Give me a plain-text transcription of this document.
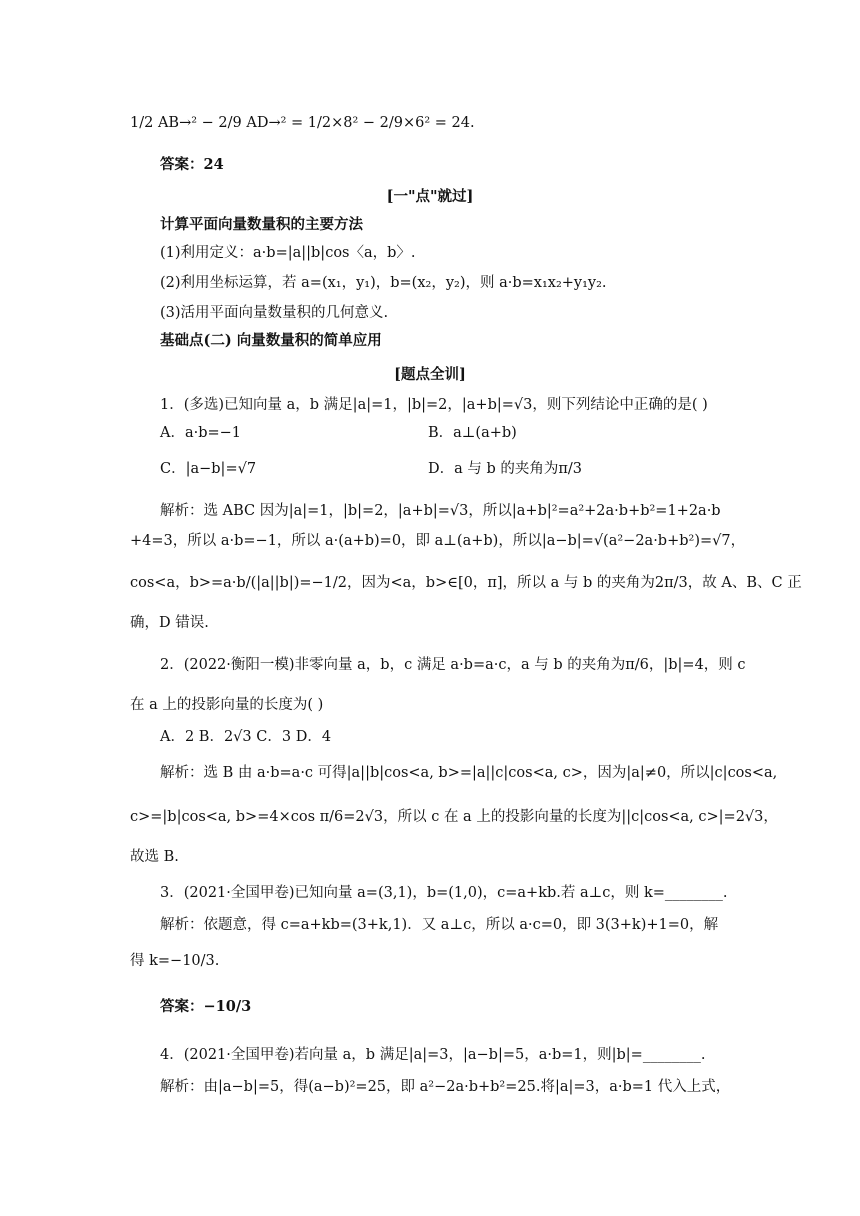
1/2 AB→² − 2/9 AD→² = 1/2×8² − 2/9×6² = 24.
答案：24
[一"点"就过]
计算平面向量数量积的主要方法
(1)利用定义：a·b=|a||b|cos〈a，b〉.
(2)利用坐标运算，若 a=(x₁，y₁)，b=(x₂，y₂)，则 a·b=x₁x₂+y₁y₂.
(3)活用平面向量数量积的几何意义.
基础点(二) 向量数量积的简单应用
[题点全训]
1．(多选)已知向量 a，b 满足|a|=1，|b|=2，|a+b|=√3，则下列结论中正确的是( )
A．a·b=−1	B．a⊥(a+b)
C．|a−b|=√7	D．a 与 b 的夹角为π/3
解析：选 ABC 因为|a|=1，|b|=2，|a+b|=√3，所以|a+b|²=a²+2a·b+b²=1+2a·b
+4=3，所以 a·b=−1，所以 a·(a+b)=0，即 a⊥(a+b)，所以|a−b|=√(a²−2a·b+b²)=√7，
cos<a，b>=a·b/(|a||b|)=−1/2，因为<a，b>∈[0，π]，所以 a 与 b 的夹角为2π/3，故 A、B、C 正
确，D 错误.
2．(2022·衡阳一模)非零向量 a，b，c 满足 a·b=a·c，a 与 b 的夹角为π/6，|b|=4，则 c
在 a 上的投影向量的长度为( )
A．2 B．2√3 C．3 D．4
解析：选 B 由 a·b=a·c 可得|a||b|cos<a, b>=|a||c|cos<a, c>，因为|a|≠0，所以|c|cos<a,
c>=|b|cos<a, b>=4×cos π/6=2√3，所以 c 在 a 上的投影向量的长度为||c|cos<a, c>|=2√3，
故选 B.
3．(2021·全国甲卷)已知向量 a=(3,1)，b=(1,0)，c=a+kb.若 a⊥c，则 k=________.
解析：依题意，得 c=a+kb=(3+k,1)．又 a⊥c，所以 a·c=0，即 3(3+k)+1=0，解
得 k=−10/3.
答案：−10/3
4．(2021·全国甲卷)若向量 a，b 满足|a|=3，|a−b|=5，a·b=1，则|b|=________.
解析：由|a−b|=5，得(a−b)²=25，即 a²−2a·b+b²=25.将|a|=3，a·b=1 代入上式，
